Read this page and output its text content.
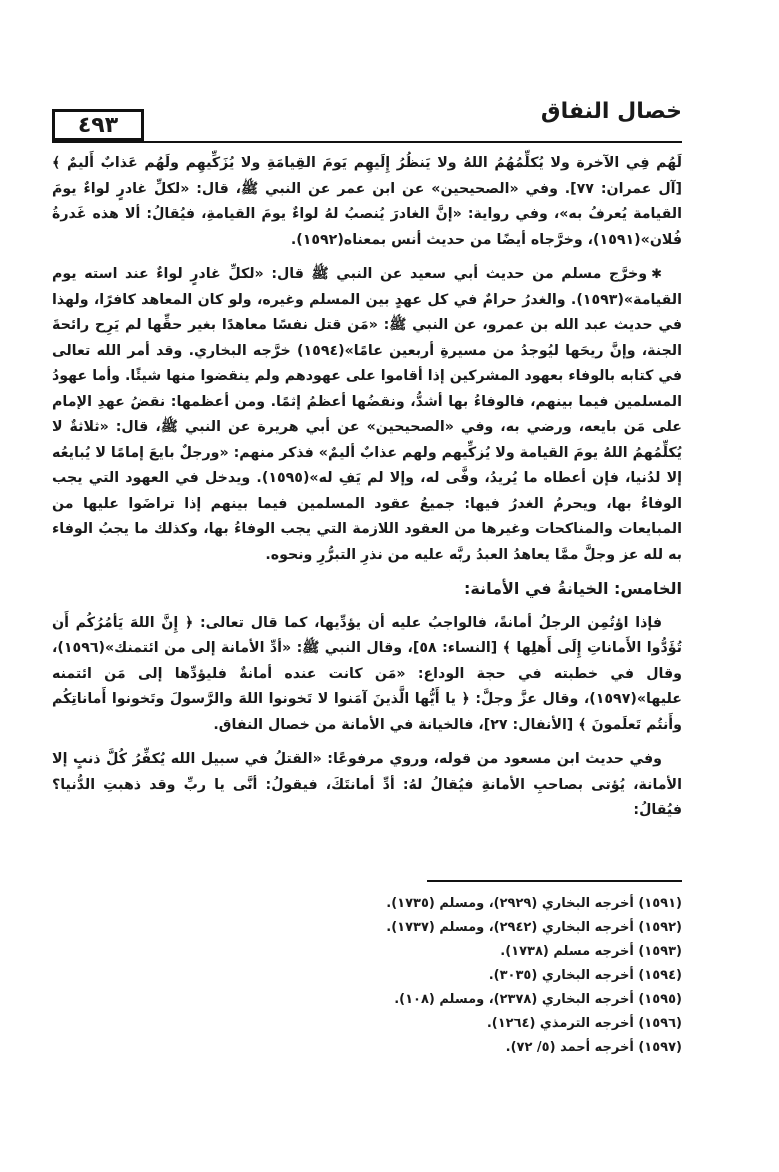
خصال النفاق
٤٩٣

لَهُم فِي الآخرة ولا يُكلِّمُهُمُ اللهُ ولا يَنظُرُ إِلَيهِم يَومَ القِيامَةِ ولا يُزَكِّيهِم ولَهُم عَذابٌ أَليمٌ ﴾ [آل عمران: ٧٧]. وفي «الصحيحين» عن ابن عمر عن النبي ﷺ، قال: «لكلِّ غادرٍ لواءٌ يومَ القيامة يُعرفُ به»، وفي رواية: «إنَّ الغادرَ يُنصبُ لهُ لواءٌ يومَ القيامةِ، فيُقالُ: ألا هذه غَدرةُ فُلان»(١٥٩١)، وخرَّجاه أيضًا من حديث أنس بمعناه(١٥٩٢).

✱وخرَّج مسلم من حديث أبي سعيد عن النبي ﷺ قال: «لكلِّ غادرٍ لواءٌ عند استه يوم القيامة»(١٥٩٣). والغدرُ حرامٌ في كل عهدٍ بين المسلم وغيره، ولو كان المعاهد كافرًا، ولهذا في حديث عبد الله بن عمرو، عن النبي ﷺ: «مَن قتل نفسًا معاهدًا بغير حقِّها لم يَرِح رائحةَ الجنة، وإنَّ ريحَها ليُوجدُ من مسيرةِ أربعين عامًا»(١٥٩٤) خرَّجه البخاري. وقد أمر الله تعالى في كتابه بالوفاء بعهود المشركين إذا أقاموا على عهودهم ولم ينقضوا منها شيئًا. وأما عهودُ المسلمين فيما بينهم، فالوفاءُ بها أشدُّ، ونقضُها أعظمُ إثمًا. ومن أعظمها: نقضُ عهدِ الإمام على مَن بايعه، ورضي به، وفي «الصحيحين» عن أبي هريرة عن النبي ﷺ، قال: «ثلاثةٌ لا يُكلِّمُهمُ اللهُ يومَ القيامة ولا يُزكِّيهم ولهم عذابٌ أليمٌ» فذكر منهم: «ورجلٌ بايعَ إمامًا لا يُبايعُه إلا لدُنيا، فإن أعطاه ما يُريدُ، وفَّى له، وإلا لم يَفِ له»(١٥٩٥). ويدخل في العهود التي يجب الوفاءُ بها، ويحرمُ الغدرُ فيها: جميعُ عقود المسلمين فيما بينهم إذا تراضَوا عليها من المبايعات والمناكحات وغيرها من العقود اللازمة التي يجب الوفاءُ بها، وكذلك ما يجبُ الوفاء به لله عز وجلَّ ممَّا يعاهدُ العبدُ ربَّه عليه من نذرِ التبرُّرِ ونحوه.

الخامس: الخيانةُ في الأمانة:

فإذا اؤتُمِن الرجلُ أمانةً، فالواجبُ عليه أن يؤدِّيها، كما قال تعالى: ﴿ إِنَّ اللهَ يَأمُرُكُم أَن تُؤَدُّوا الأَماناتِ إِلَى أَهلِها ﴾ [النساء: ٥٨]، وقال النبي ﷺ: «أدِّ الأمانة إلى من ائتمنك»(١٥٩٦)، وقال في خطبته في حجة الوداع: «مَن كانت عنده أمانةٌ فليؤدِّها إلى مَن ائتمنه عليها»(١٥٩٧)، وقال عزَّ وجلَّ: ﴿ يا أَيُّها الَّذينَ آمَنوا لا تَخونوا اللهَ والرَّسولَ وتَخونوا أَماناتِكُم وأَنتُم تَعلَمونَ ﴾ [الأنفال: ٢٧]، فالخيانة في الأمانة من خصال النفاق.

وفي حديث ابن مسعود من قوله، وروي مرفوعًا: «القتلُ في سبيل الله يُكفِّرُ كُلَّ ذنبٍ إلا الأمانة، يُؤتى بصاحبِ الأمانةِ فيُقالُ لهُ: أدِّ أمانتَكَ، فيقولُ: أنَّى يا ربِّ وقد ذهبتِ الدُّنيا؟ فيُقالُ:

(١٥٩١) أخرجه البخاري (٢٩٢٩)، ومسلم (١٧٣٥).

(١٥٩٢) أخرجه البخاري (٢٩٤٢)، ومسلم (١٧٣٧).

(١٥٩٣) أخرجه مسلم (١٧٣٨).

(١٥٩٤) أخرجه البخاري (٣٠٣٥).

(١٥٩٥) أخرجه البخاري (٢٣٧٨)، ومسلم (١٠٨).

(١٥٩٦) أخرجه الترمذي (١٢٦٤).

(١٥٩٧) أخرجه أحمد (٥/ ٧٢).
